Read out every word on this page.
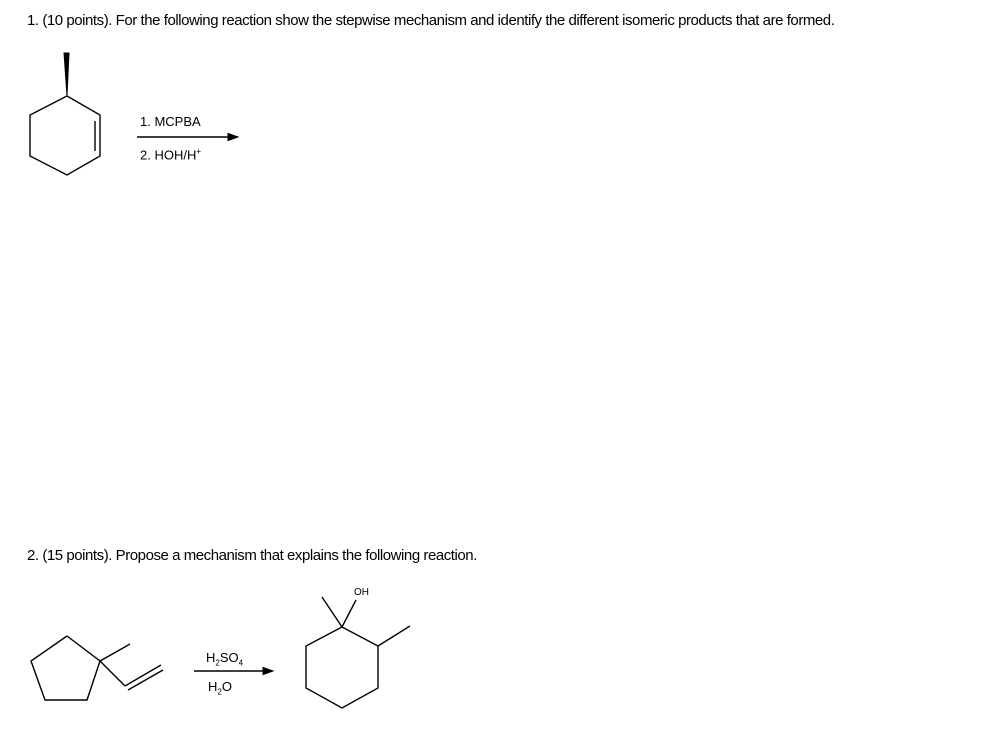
1. (10 points). For the following reaction show the stepwise mechanism and identify the different isomeric products that are formed.
1. MCPBA
2. HOH/H+
2. (15 points). Propose a mechanism that explains the following reaction.
$H_2SO_4$
$H_2O$
OH
